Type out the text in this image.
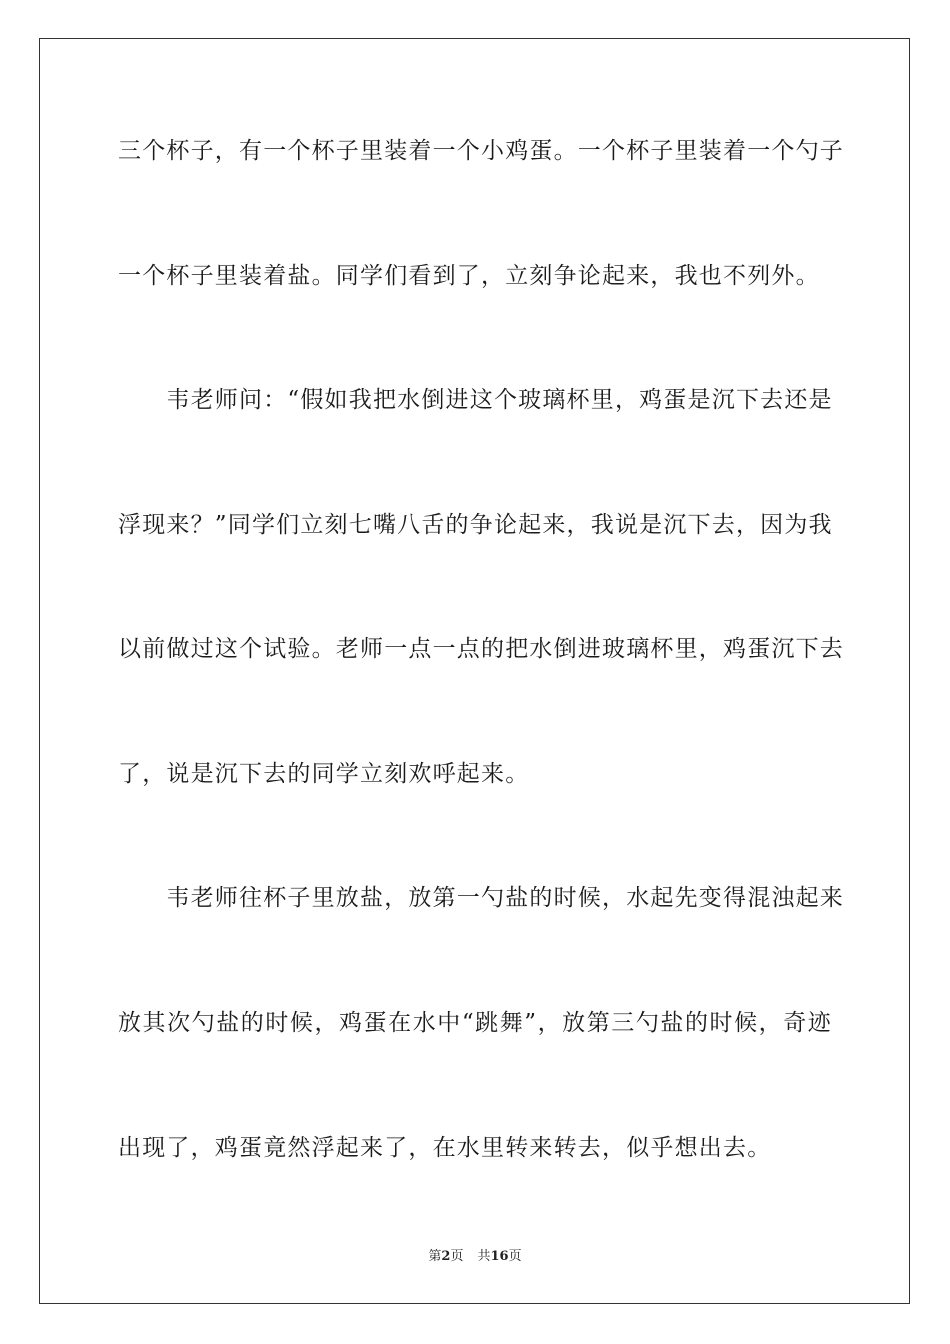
三个杯子，有一个杯子里装着一个小鸡蛋。一个杯子里装着一个勺子
一个杯子里装着盐。同学们看到了，立刻争论起来，我也不列外。
　　韦老师问：“假如我把水倒进这个玻璃杯里，鸡蛋是沉下去还是
浮现来？”同学们立刻七嘴八舌的争论起来，我说是沉下去，因为我
以前做过这个试验。老师一点一点的把水倒进玻璃杯里，鸡蛋沉下去
了，说是沉下去的同学立刻欢呼起来。
　　韦老师往杯子里放盐，放第一勺盐的时候，水起先变得混浊起来
放其次勺盐的时候，鸡蛋在水中“跳舞”，放第三勺盐的时候，奇迹
出现了，鸡蛋竟然浮起来了，在水里转来转去，似乎想出去。
第2页 共16页
